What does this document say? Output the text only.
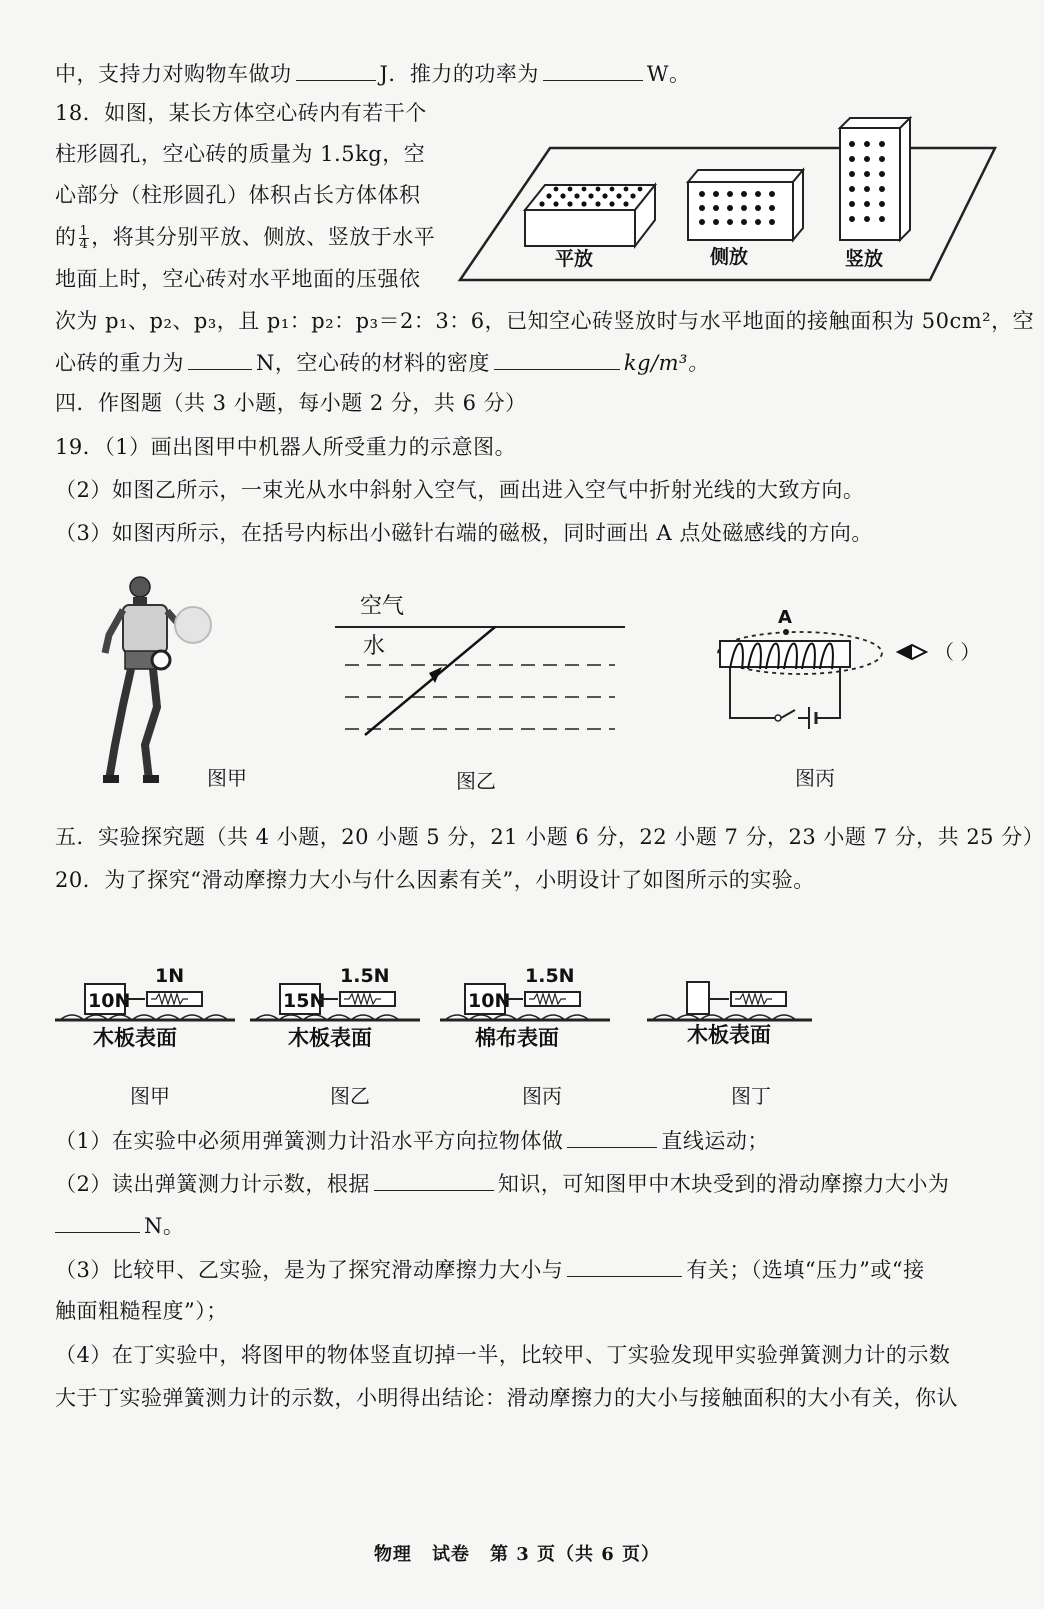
中，支持力对购物车做功	J．推力的功率为	W。
18．如图，某长方体空心砖内有若干个
柱形圆孔，空心砖的质量为 1.5kg，空
心部分（柱形圆孔）体积占长方体体积
的 $\frac{1}{4}$ ，将其分别平放、侧放、竖放于水平
地面上时，空心砖对水平地面的压强依
次为 p₁、p₂、p₃，且 p₁：p₂：p₃＝2：3：6，已知空心砖竖放时与水平地面的接触面积为 50cm²，空
心砖的重力为	N，空心砖的材料的密度	kg/m³。
平放	侧放	竖放
四．作图题（共 3 小题，每小题 2 分，共 6 分）
19．（1）画出图甲中机器人所受重力的示意图。
（2）如图乙所示，一束光从水中斜射入空气，画出进入空气中折射光线的大致方向。
（3）如图丙所示，在括号内标出小磁针右端的磁极，同时画出 A 点处磁感线的方向。
图甲
空气
水
图乙
A
（ ）
图丙
五．实验探究题（共 4 小题，20 小题 5 分，21 小题 6 分，22 小题 7 分，23 小题 7 分，共 25 分）
20．为了探究“滑动摩擦力大小与什么因素有关”，小明设计了如图所示的实验。
10N
1N
木板表面
15N
1.5N
木板表面
10N
1.5N
棉布表面	木板表面
图甲	图乙	图丙	图丁
（1）在实验中必须用弹簧测力计沿水平方向拉物体做	直线运动；
（2）读出弹簧测力计示数，根据	知识，可知图甲中木块受到的滑动摩擦力大小为
N。
（3）比较甲、乙实验，是为了探究滑动摩擦力大小与	有关；（选填“压力”或“接
触面粗糙程度”）；
（4）在丁实验中，将图甲的物体竖直切掉一半，比较甲、丁实验发现甲实验弹簧测力计的示数
大于丁实验弹簧测力计的示数，小明得出结论：滑动摩擦力的大小与接触面积的大小有关，你认
物理 试卷 第 3 页（共 6 页）
